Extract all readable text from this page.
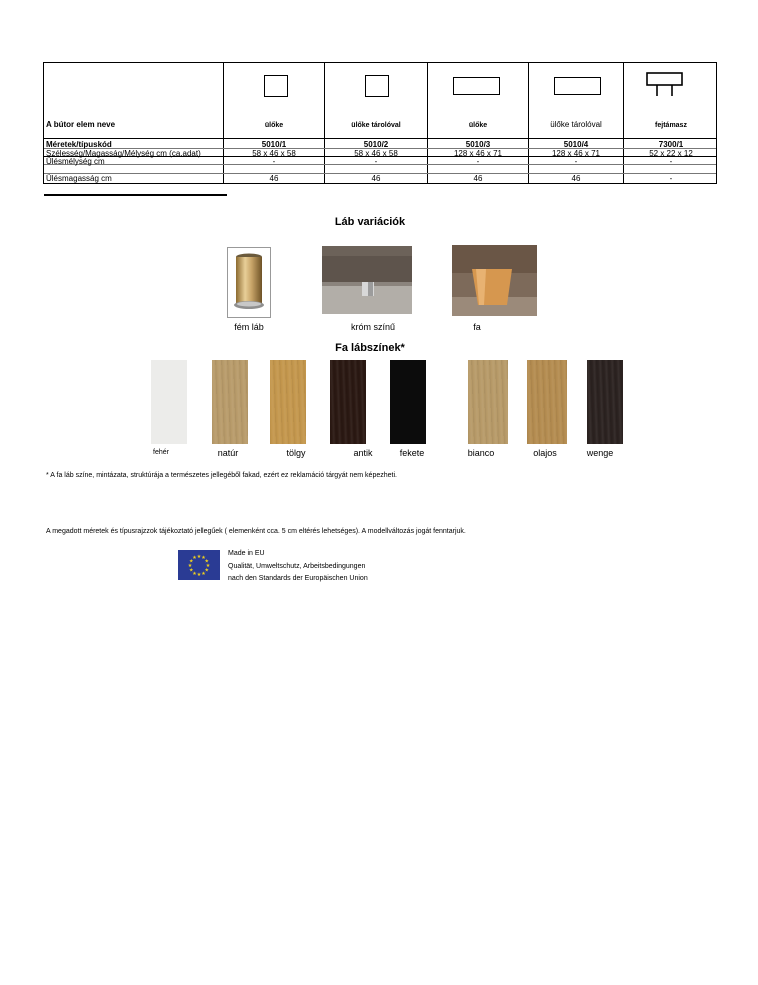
A bútor elem neve	ülőke	ülőke tárolóval	ülőke	ülőke tárolóval	fejtámasz
Méretek/típuskód	5010/1	5010/2	5010/3	5010/4	7300/1
Szélesség/Magasság/Mélység cm (ca.adat)	58 x 46 x 58	58 x 46 x 58	128 x 46 x 71	128 x 46 x 71	52 x 22 x 12
Ülésmélység cm	-	-	-	-	-
Ülésmagasság cm	46	46	46	46	-
Láb variációk
fém láb	króm színű	fa
Fa lábszínek*
fehér	natúr	tölgy	antik	fekete	bianco	olajos	wenge
* A fa láb színe, mintázata, struktúrája a természetes jellegéből fakad, ezért ez reklamáció tárgyát nem képezheti.
A megadott méretek és típusrajzzok tájékoztató jellegűek ( elemenként cca. 5 cm eltérés lehetséges). A modellváltozás jogát fenntarjuk.
★
★
★
★
★
★
★
★
★ ★ ★
★
Made in EU
Qualität, Umweltschutz, Arbeitsbedingungen
nach den Standards der Europäischen Union
